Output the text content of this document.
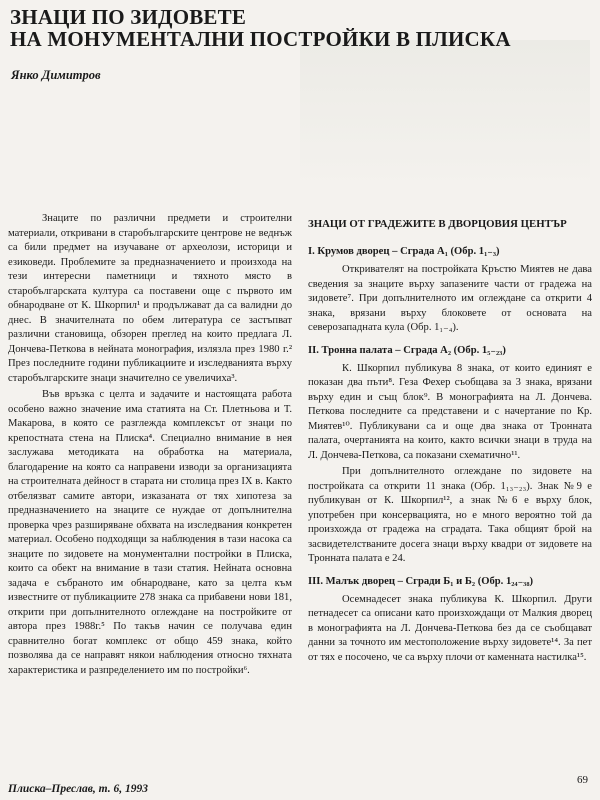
ЗНАЦИ ПО ЗИДОВЕТЕ
НА МОНУМЕНТАЛНИ ПОСТРОЙКИ В ПЛИСКА

Янко Димитров

Знаците по различни предмети и строителни материали, откривани в старобългарските центрове не веднъж са били предмет на изучаване от археолози, историци и езиковеди. Проблемите за предназначението и произхода на тези интересни паметници и тяхното място в старобългарската култура са поставени още с първото им обнародване от К. Шкорпил¹ и продължават да са валидни до днес. В значителната по обем литература се застъпват различни становища, обзорен преглед на които предлага Л. Дончева-Петкова в нейната монография, излязла през 1980 г.² През последните години публикациите и изследванията върху старобългарските знаци значително се увеличиха³.

Във връзка с целта и задачите и настоящата работа особено важно значение има статията на Ст. Плетньова и Т. Макарова, в която се разглежда комплексът от знаци по крепостната стена на Плиска⁴. Специално внимание в нея заслужава методиката на обработка на материала, благодарение на която са направени изводи за организацията на строителната дейност в старата ни столица през IX в. Както отбелязват самите автори, изказаната от тях хипотеза за предназначението на знаците се нуждае от допълнителна проверка чрез разширяване обхвата на изследвания конкретен материал. Особено подходящи за наблюдения в тази насока са знаците по зидовете на монументални постройки в Плиска, които са обект на внимание в тази статия. Нейната основна задача е събраното им обнародване, като за целта към известните от публикациите 278 знака са прибавени нови 181, открити при допълнителното оглеждане на постройките от автора през 1988г.⁵ По такъв начин се получава един сравнително богат комплекс от общо 459 знака, който позволява да се направят някои наблюдения относно тяхната характеристика и разпределението им по постройки⁶.

ЗНАЦИ ОТ ГРАДЕЖИТЕ В ДВОРЦОВИЯ ЦЕНТЪР
I. Крумов дворец – Сграда А₁ (Обр. 1₁₋₃)

Откривателят на постройката Кръстю Миятев не дава сведения за знаците върху запазените части от градежа на зидовете⁷. При допълнителното им оглеждане са открити 4 знака, врязани върху блоковете от основата на северозападната кула (Обр. 1₁₋₄).

II. Тронна палата – Сграда А₂ (Обр. 1₅₋₂₃)

К. Шкорпил публикува 8 знака, от които единият е показан два пъти⁸. Геза Фехер съобщава за 3 знака, врязани върху един и същ блок⁹. В монографията на Л. Дончева. Петкова последните са представени и с начертание по Кр. Миятев¹⁰. Публикувани са и още два знака от Тронната палата, очертанията на които, както всички знаци в труда на Л. Дончева-Петкова, са показани схематично¹¹.

При допълнителното оглеждане по зидовете на постройката са открити 11 знака (Обр. 1₁₃₋₂₃). Знак №9 е публикуван от К. Шкорпил¹², а знак №6 е върху блок, употребен при консервацията, но е много вероятно той да произхожда от градежа на сградата. Така общият брой на засвидетелстваните досега знаци върху квадри от зидовете на Тронната палата е 24.

III. Малък дворец – Сгради Б₁ и Б₂ (Обр. 1₂₄₋₃₈)

Осемнадесет знака публикува К. Шкорпил. Други петнадесет са описани като произхождащи от Малкия дворец в монографията на Л. Дончева-Петкова без да се съобщават данни за точното им местоположение върху зидовете¹⁴. За пет от тях е посочено, че са върху плочи от каменната настилка¹⁵.

Плиска–Преслав, т. 6, 1993

69
